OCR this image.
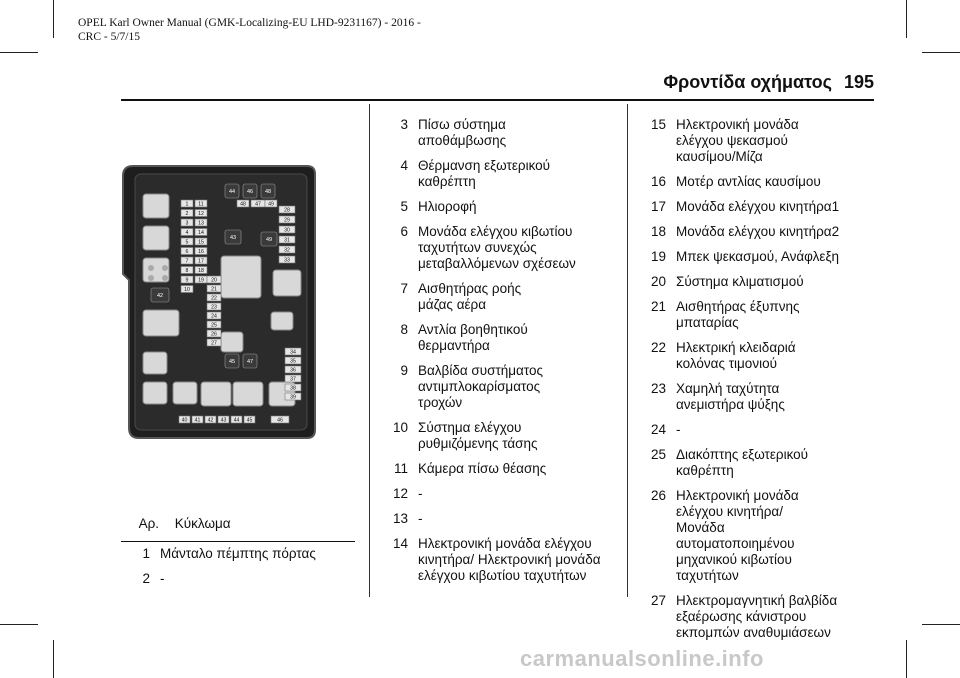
OPEL Karl Owner Manual (GMK-Localizing-EU LHD-9231167) - 2016 -
CRC - 5/7/15
Φροντίδα οχήματος 195
1
2
3
4
5
6
7
8
9
10
11
12
13
14
15
16
17
18
19 20
21
22
23
24
25
26
27
28
29
30
31
32
33
34
35
36
37
38
39
40 41 42 43 44 45	46
47
48	49
44 46 48
43	49
42
45 47
Αρ. Κύκλωμα
1 Μάνταλο πέμπτης πόρτας
2 -
3 Πίσω σύστημα αποθάμβωσης
4 Θέρμανση εξωτερικού καθρέπτη
5 Ηλιοροφή
6 Μονάδα ελέγχου κιβωτίου ταχυτήτων συνεχώς μεταβαλλόμενων σχέσεων
7 Αισθητήρας ροής μάζας αέρα
8 Αντλία βοηθητικού θερμαντήρα
9 Βαλβίδα συστήματος αντιμπλοκαρίσματος τροχών
10 Σύστημα ελέγχου ρυθμιζόμενης τάσης
11 Κάμερα πίσω θέασης
12 -
13 -
14 Ηλεκτρονική μονάδα ελέγχου κινητήρα/ Ηλεκτρονική μονάδα ελέγχου κιβωτίου ταχυτήτων
15 Ηλεκτρονική μονάδα ελέγχου ψεκασμού καυσίμου/Μίζα
16 Μοτέρ αντλίας καυσίμου
17 Μονάδα ελέγχου κινητήρα1
18 Μονάδα ελέγχου κινητήρα2
19 Μπεκ ψεκασμού, Ανάφλεξη
20 Σύστημα κλιματισμού
21 Αισθητήρας έξυπνης μπαταρίας
22 Ηλεκτρική κλειδαριά κολόνας τιμονιού
23 Χαμηλή ταχύτητα ανεμιστήρα ψύξης
24 -
25 Διακόπτης εξωτερικού καθρέπτη
26 Ηλεκτρονική μονάδα ελέγχου κινητήρα/Μονάδα αυτοματοποιημένου μηχανικού κιβωτίου ταχυτήτων
27 Ηλεκτρομαγνητική βαλβίδα εξαέρωσης κάνιστρου εκπομπών αναθυμιάσεων
carmanualsonline.info
